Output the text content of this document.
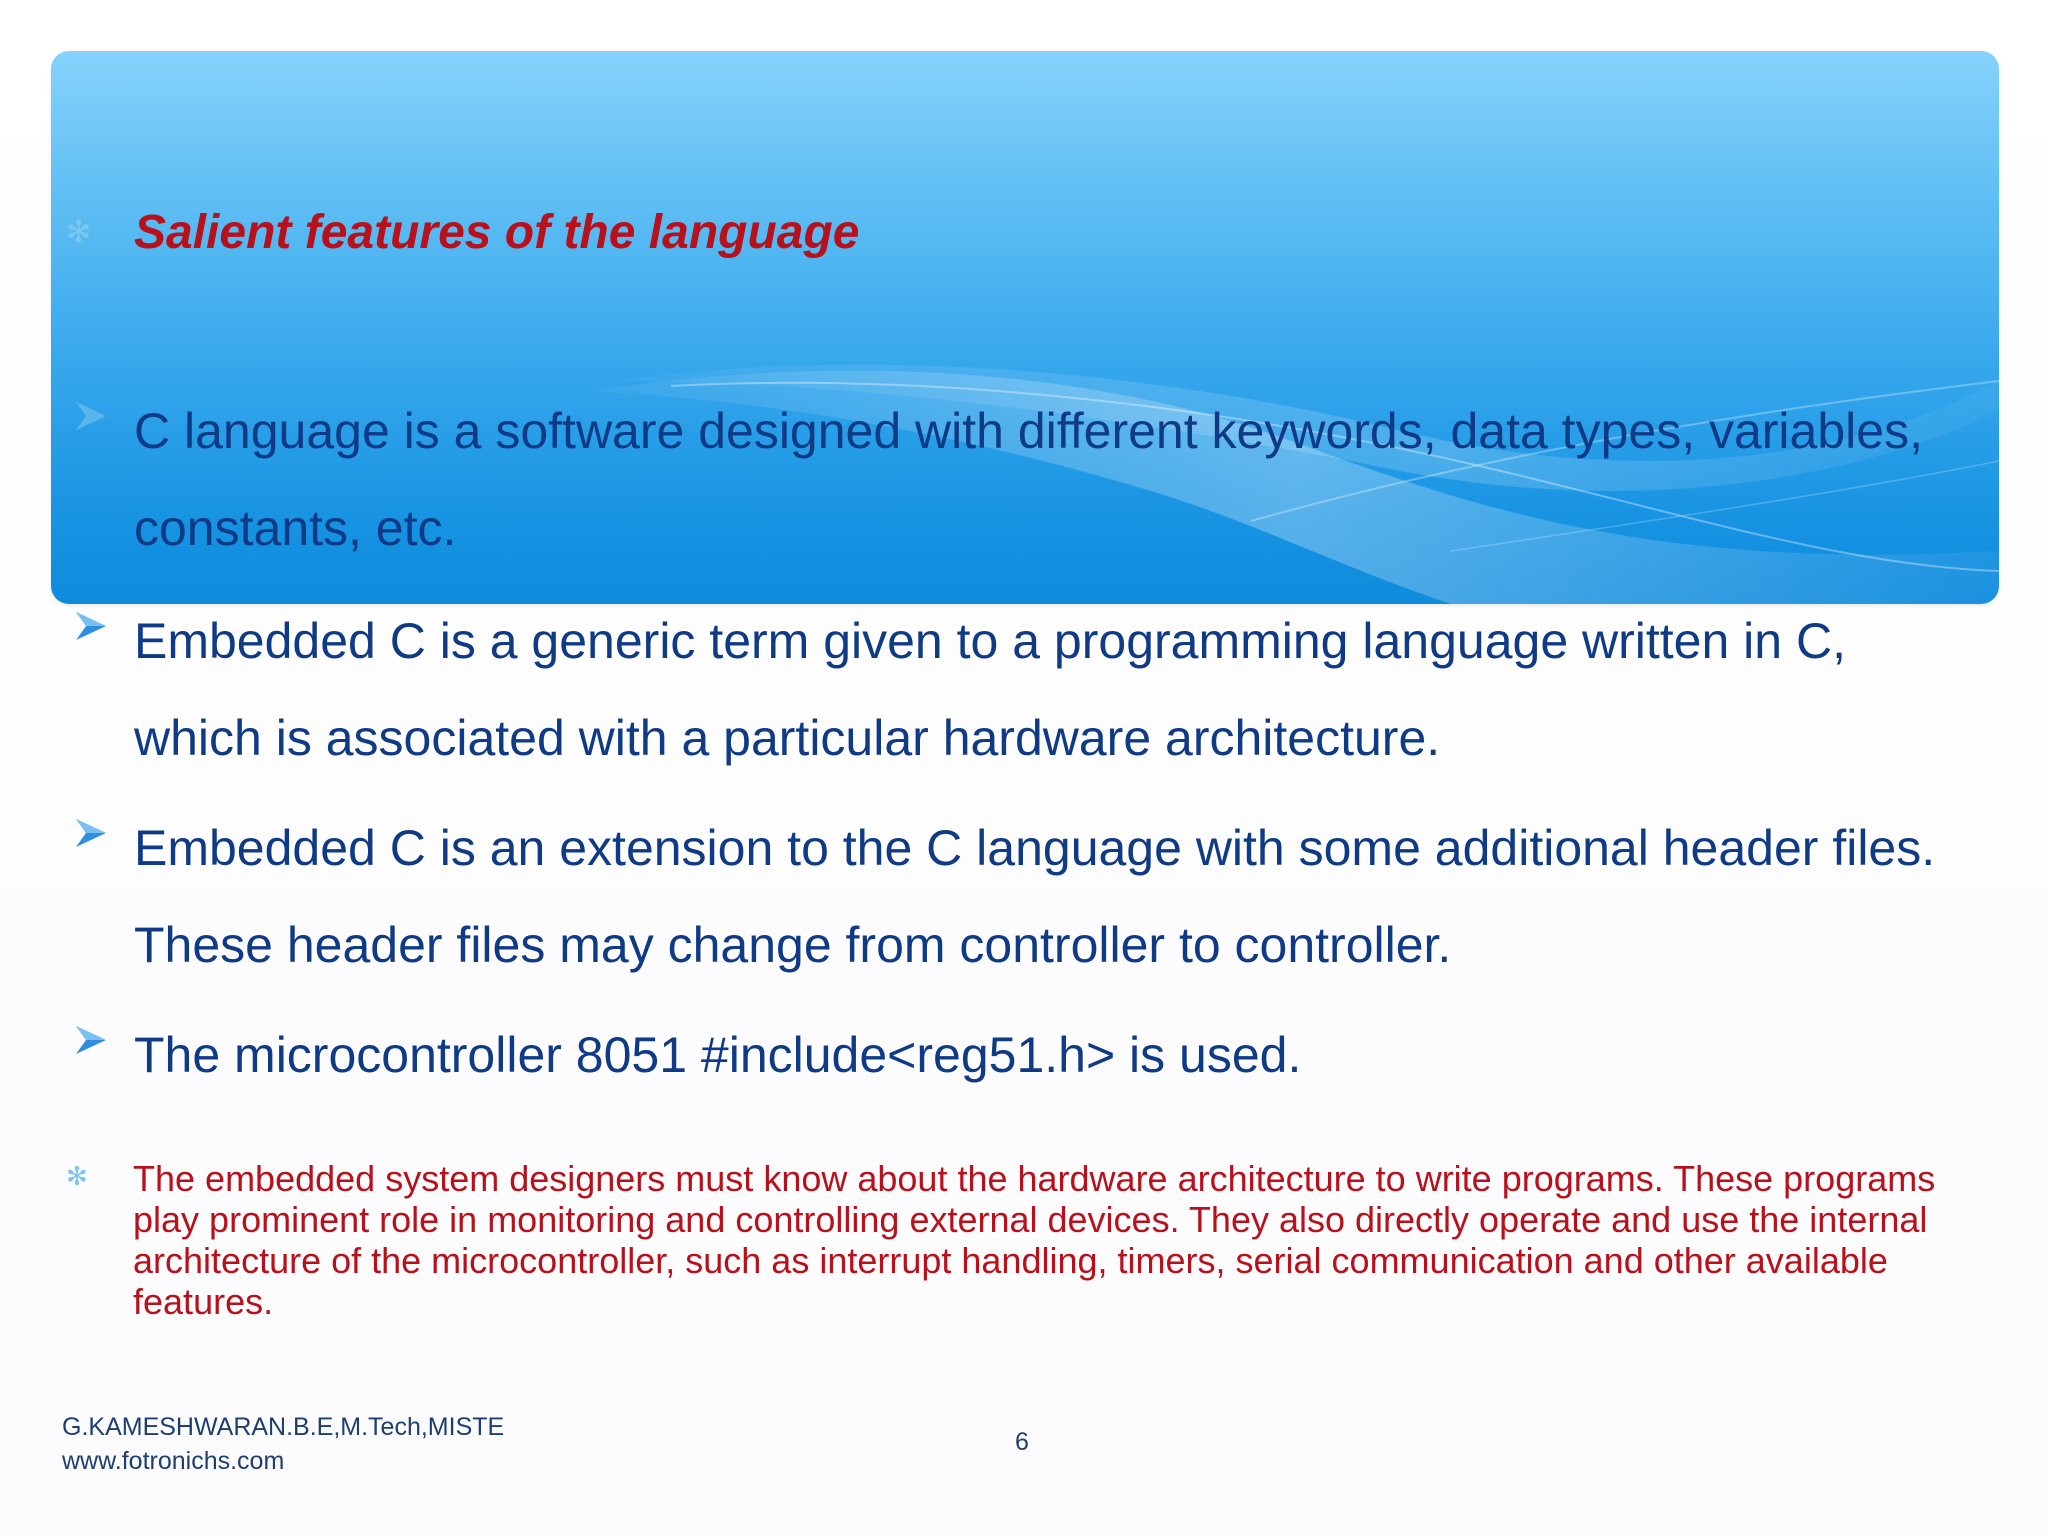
✻ Salient features of the language
C language is a software designed with different keywords, data types, variables, constants, etc.
Embedded C is a generic term given to a programming language written in C, which is associated with a particular hardware architecture.
Embedded C is an extension to the C language with some additional header files. These header files may change from controller to controller.
The microcontroller 8051 #include<reg51.h> is used.
✻	The embedded system designers must know about the hardware architecture to write programs. These programs play prominent role in monitoring and controlling external devices. They also directly operate and use the internal architecture of the microcontroller, such as interrupt handling, timers, serial communication and other available features.
G.KAMESHWARAN.B.E,M.Tech,MISTE
www.fotronichs.com
6
